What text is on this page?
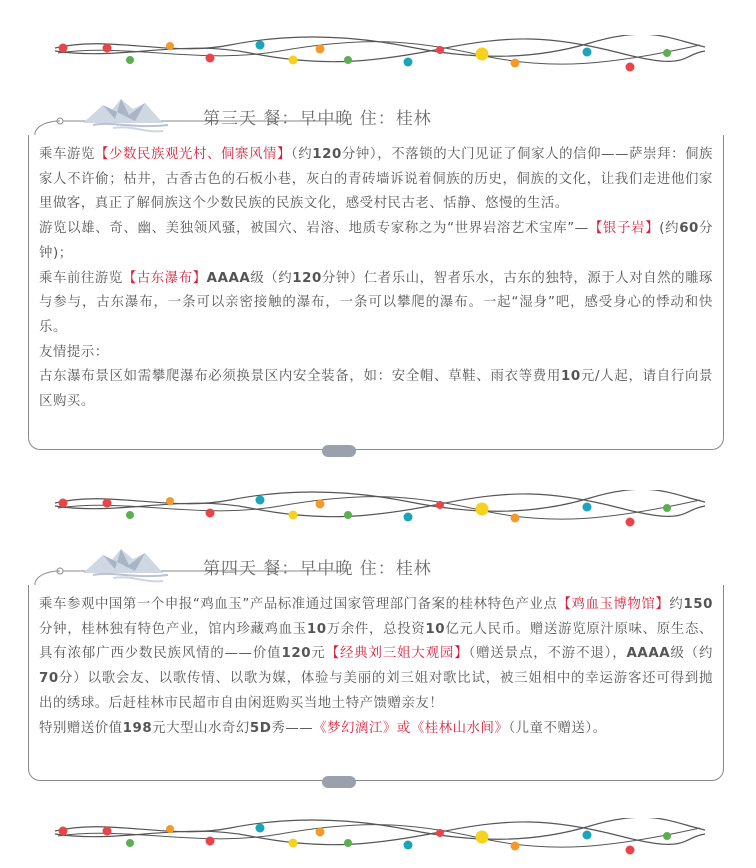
第三天 餐：早中晚 住：桂林

乘车游览【少数民族观光村、侗寨风情】（约120分钟），不落锁的大门见证了侗家人的信仰——萨崇拜：侗族家人不许偷；枯井，古香古色的石板小巷，灰白的青砖墙诉说着侗族的历史，侗族的文化，让我们走进他们家里做客，真正了解侗族这个少数民族的民族文化，感受村民古老、恬静、悠慢的生活。

游览以雄、奇、幽、美独领风骚，被国穴、岩溶、地质专家称之为“世界岩溶艺术宝库”—【银子岩】(约60分钟)；

乘车前往游览【古东瀑布】AAAA级（约120分钟）仁者乐山，智者乐水，古东的独特，源于人对自然的雕琢与参与，古东瀑布，一条可以亲密接触的瀑布，一条可以攀爬的瀑布。一起“湿身”吧，感受身心的悸动和快乐。

友情提示：

古东瀑布景区如需攀爬瀑布必须换景区内安全装备，如：安全帽、草鞋、雨衣等费用10元/人起，请自行向景区购买。

第四天 餐：早中晚 住：桂林

乘车参观中国第一个申报“鸡血玉”产品标准通过国家管理部门备案的桂林特色产业点【鸡血玉博物馆】约150分钟，桂林独有特色产业，馆内珍藏鸡血玉10万余件，总投资10亿元人民币。赠送游览原汁原味、原生态、具有浓郁广西少数民族风情的——价值120元【经典刘三姐大观园】（赠送景点，不游不退），AAAA级（约70分）以歌会友、以歌传情、以歌为媒，体验与美丽的刘三姐对歌比试，被三姐相中的幸运游客还可得到抛出的绣球。后赶桂林市民超市自由闲逛购买当地土特产馈赠亲友！

特别赠送价值198元大型山水奇幻5D秀——《梦幻漓江》或《桂林山水间》（儿童不赠送）。
